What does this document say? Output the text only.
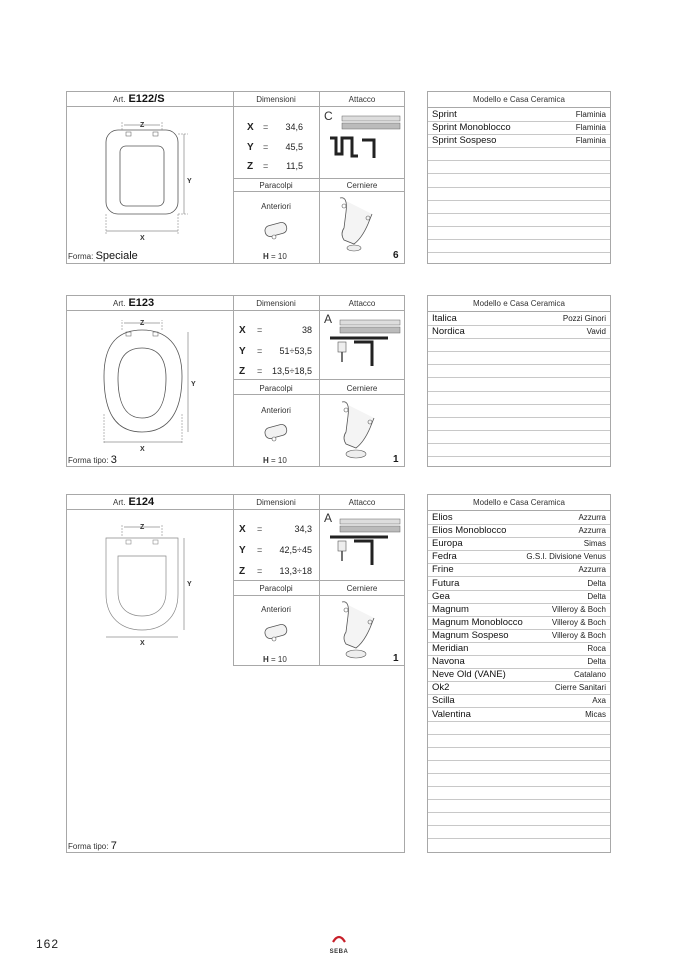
Art. E122/S	Dimensioni	Attacco
Z
X
Y
X = 34,6
Y = 45,5
Z = 11,5
C
Paracolpi	Cerniere
Anteriori
H = 10	6
Forma: Speciale
Modello e Casa Ceramica
Sprint	Flaminia
Sprint Monoblocco	Flaminia
Sprint Sospeso	Flaminia
Art. E123	Dimensioni	Attacco
Z
X
Y
X =	38
Y = 51÷53,5
Z = 13,5÷18,5
A
Paracolpi	Cerniere
Anteriori
H = 10	1
Forma tipo: 3
Modello e Casa Ceramica
Italica	Pozzi Ginori
Nordica	Vavid
Art. E124	Dimensioni	Attacco
Z
X
Y
X =	34,3
Y = 42,5÷45
Z = 13,3÷18
A
Paracolpi	Cerniere
Anteriori
H = 10	1
Forma tipo: 7
Modello e Casa Ceramica
Elios	Azzurra
Elios Monoblocco	Azzurra
Europa	Simas
Fedra	G.S.I. Divisione Venus
Frine	Azzurra
Futura	Delta
Gea	Delta
Magnum	Villeroy & Boch
Magnum Monoblocco	Villeroy & Boch
Magnum Sospeso	Villeroy & Boch
Meridian	Roca
Navona	Delta
Neve Old (VANE)	Catalano
Ok2	Cierre Sanitari
Scilla	Axa
Valentina	Micas
162
SEBA
